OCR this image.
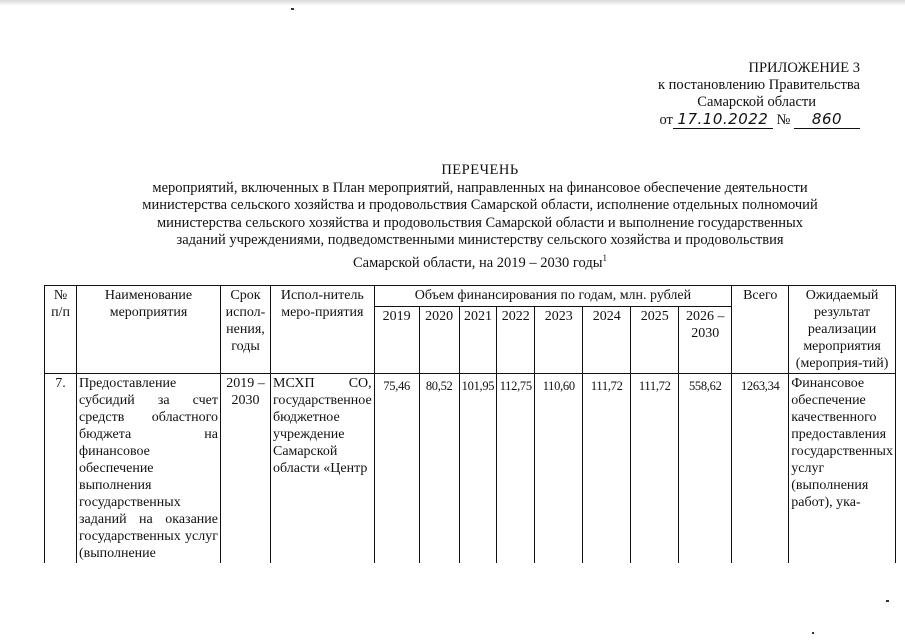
ПРИЛОЖЕНИЕ 3
к постановлению Правительства
Самарской области
от 17.10.2022 № 860
ПЕРЕЧЕНЬ
мероприятий, включенных в План мероприятий, направленных на финансовое обеспечение деятельности
министерства сельского хозяйства и продовольствия Самарской области, исполнение отдельных полномочий
министерства сельского хозяйства и продовольствия Самарской области и выполнение государственных
заданий учреждениями, подведомственными министерству сельского хозяйства и продовольствия
Самарской области, на 2019 – 2030 годы$^1$
№ п/п	Наименование мероприятия	Срок испол-нения, годы	Испол-нитель меро-приятия	Объем финансирования по годам, млн. рублей								Всего	Ожидаемый результат реализации мероприятия (мероприя-тий)
				2019	2020	2021	2022	2023	2024	2025	2026 – 2030		
7.	Предоставление субсидий за счет средств областного бюджета на финансовое обеспечение выполнения государственных заданий на оказание государственных услуг (выполнение	2019 – 2030	МСХП СО, государственное бюджетное учреждение Самарской области «Центр	75,46	80,52	101,95	112,75	110,60	111,72	111,72	558,62	1263,34	Финансовое обеспечение качественного предоставления государственных услуг (выполнения работ), ука-
